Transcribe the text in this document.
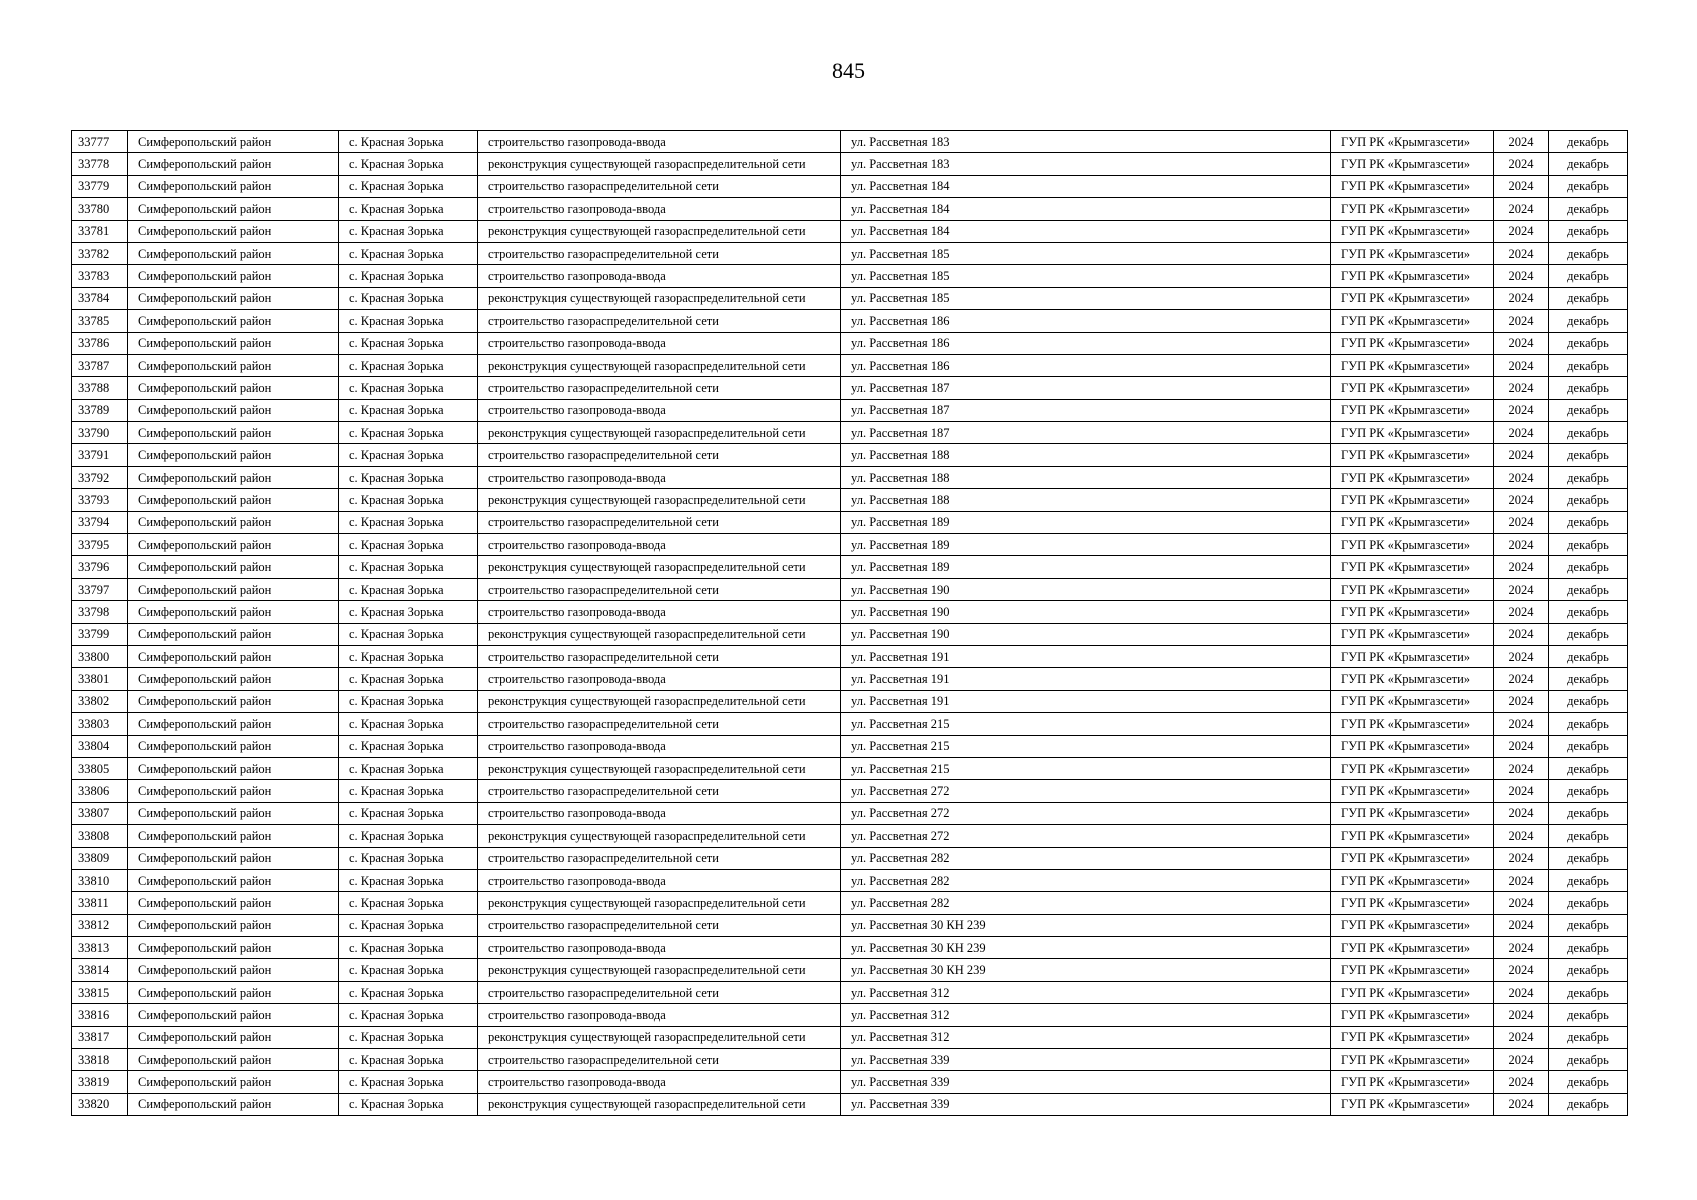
845
33777	Симферопольский район	с. Красная Зорька	строительство газопровода-ввода	ул. Рассветная 183	ГУП РК «Крымгазсети»	2024	декабрь
33778	Симферопольский район	с. Красная Зорька	реконструкция существующей газораспределительной сети	ул. Рассветная 183	ГУП РК «Крымгазсети»	2024	декабрь
33779	Симферопольский район	с. Красная Зорька	строительство газораспределительной сети	ул. Рассветная 184	ГУП РК «Крымгазсети»	2024	декабрь
33780	Симферопольский район	с. Красная Зорька	строительство газопровода-ввода	ул. Рассветная 184	ГУП РК «Крымгазсети»	2024	декабрь
33781	Симферопольский район	с. Красная Зорька	реконструкция существующей газораспределительной сети	ул. Рассветная 184	ГУП РК «Крымгазсети»	2024	декабрь
33782	Симферопольский район	с. Красная Зорька	строительство газораспределительной сети	ул. Рассветная 185	ГУП РК «Крымгазсети»	2024	декабрь
33783	Симферопольский район	с. Красная Зорька	строительство газопровода-ввода	ул. Рассветная 185	ГУП РК «Крымгазсети»	2024	декабрь
33784	Симферопольский район	с. Красная Зорька	реконструкция существующей газораспределительной сети	ул. Рассветная 185	ГУП РК «Крымгазсети»	2024	декабрь
33785	Симферопольский район	с. Красная Зорька	строительство газораспределительной сети	ул. Рассветная 186	ГУП РК «Крымгазсети»	2024	декабрь
33786	Симферопольский район	с. Красная Зорька	строительство газопровода-ввода	ул. Рассветная 186	ГУП РК «Крымгазсети»	2024	декабрь
33787	Симферопольский район	с. Красная Зорька	реконструкция существующей газораспределительной сети	ул. Рассветная 186	ГУП РК «Крымгазсети»	2024	декабрь
33788	Симферопольский район	с. Красная Зорька	строительство газораспределительной сети	ул. Рассветная 187	ГУП РК «Крымгазсети»	2024	декабрь
33789	Симферопольский район	с. Красная Зорька	строительство газопровода-ввода	ул. Рассветная 187	ГУП РК «Крымгазсети»	2024	декабрь
33790	Симферопольский район	с. Красная Зорька	реконструкция существующей газораспределительной сети	ул. Рассветная 187	ГУП РК «Крымгазсети»	2024	декабрь
33791	Симферопольский район	с. Красная Зорька	строительство газораспределительной сети	ул. Рассветная 188	ГУП РК «Крымгазсети»	2024	декабрь
33792	Симферопольский район	с. Красная Зорька	строительство газопровода-ввода	ул. Рассветная 188	ГУП РК «Крымгазсети»	2024	декабрь
33793	Симферопольский район	с. Красная Зорька	реконструкция существующей газораспределительной сети	ул. Рассветная 188	ГУП РК «Крымгазсети»	2024	декабрь
33794	Симферопольский район	с. Красная Зорька	строительство газораспределительной сети	ул. Рассветная 189	ГУП РК «Крымгазсети»	2024	декабрь
33795	Симферопольский район	с. Красная Зорька	строительство газопровода-ввода	ул. Рассветная 189	ГУП РК «Крымгазсети»	2024	декабрь
33796	Симферопольский район	с. Красная Зорька	реконструкция существующей газораспределительной сети	ул. Рассветная 189	ГУП РК «Крымгазсети»	2024	декабрь
33797	Симферопольский район	с. Красная Зорька	строительство газораспределительной сети	ул. Рассветная 190	ГУП РК «Крымгазсети»	2024	декабрь
33798	Симферопольский район	с. Красная Зорька	строительство газопровода-ввода	ул. Рассветная 190	ГУП РК «Крымгазсети»	2024	декабрь
33799	Симферопольский район	с. Красная Зорька	реконструкция существующей газораспределительной сети	ул. Рассветная 190	ГУП РК «Крымгазсети»	2024	декабрь
33800	Симферопольский район	с. Красная Зорька	строительство газораспределительной сети	ул. Рассветная 191	ГУП РК «Крымгазсети»	2024	декабрь
33801	Симферопольский район	с. Красная Зорька	строительство газопровода-ввода	ул. Рассветная 191	ГУП РК «Крымгазсети»	2024	декабрь
33802	Симферопольский район	с. Красная Зорька	реконструкция существующей газораспределительной сети	ул. Рассветная 191	ГУП РК «Крымгазсети»	2024	декабрь
33803	Симферопольский район	с. Красная Зорька	строительство газораспределительной сети	ул. Рассветная 215	ГУП РК «Крымгазсети»	2024	декабрь
33804	Симферопольский район	с. Красная Зорька	строительство газопровода-ввода	ул. Рассветная 215	ГУП РК «Крымгазсети»	2024	декабрь
33805	Симферопольский район	с. Красная Зорька	реконструкция существующей газораспределительной сети	ул. Рассветная 215	ГУП РК «Крымгазсети»	2024	декабрь
33806	Симферопольский район	с. Красная Зорька	строительство газораспределительной сети	ул. Рассветная 272	ГУП РК «Крымгазсети»	2024	декабрь
33807	Симферопольский район	с. Красная Зорька	строительство газопровода-ввода	ул. Рассветная 272	ГУП РК «Крымгазсети»	2024	декабрь
33808	Симферопольский район	с. Красная Зорька	реконструкция существующей газораспределительной сети	ул. Рассветная 272	ГУП РК «Крымгазсети»	2024	декабрь
33809	Симферопольский район	с. Красная Зорька	строительство газораспределительной сети	ул. Рассветная 282	ГУП РК «Крымгазсети»	2024	декабрь
33810	Симферопольский район	с. Красная Зорька	строительство газопровода-ввода	ул. Рассветная 282	ГУП РК «Крымгазсети»	2024	декабрь
33811	Симферопольский район	с. Красная Зорька	реконструкция существующей газораспределительной сети	ул. Рассветная 282	ГУП РК «Крымгазсети»	2024	декабрь
33812	Симферопольский район	с. Красная Зорька	строительство газораспределительной сети	ул. Рассветная 30 КН 239	ГУП РК «Крымгазсети»	2024	декабрь
33813	Симферопольский район	с. Красная Зорька	строительство газопровода-ввода	ул. Рассветная 30 КН 239	ГУП РК «Крымгазсети»	2024	декабрь
33814	Симферопольский район	с. Красная Зорька	реконструкция существующей газораспределительной сети	ул. Рассветная 30 КН 239	ГУП РК «Крымгазсети»	2024	декабрь
33815	Симферопольский район	с. Красная Зорька	строительство газораспределительной сети	ул. Рассветная 312	ГУП РК «Крымгазсети»	2024	декабрь
33816	Симферопольский район	с. Красная Зорька	строительство газопровода-ввода	ул. Рассветная 312	ГУП РК «Крымгазсети»	2024	декабрь
33817	Симферопольский район	с. Красная Зорька	реконструкция существующей газораспределительной сети	ул. Рассветная 312	ГУП РК «Крымгазсети»	2024	декабрь
33818	Симферопольский район	с. Красная Зорька	строительство газораспределительной сети	ул. Рассветная 339	ГУП РК «Крымгазсети»	2024	декабрь
33819	Симферопольский район	с. Красная Зорька	строительство газопровода-ввода	ул. Рассветная 339	ГУП РК «Крымгазсети»	2024	декабрь
33820	Симферопольский район	с. Красная Зорька	реконструкция существующей газораспределительной сети	ул. Рассветная 339	ГУП РК «Крымгазсети»	2024	декабрь
